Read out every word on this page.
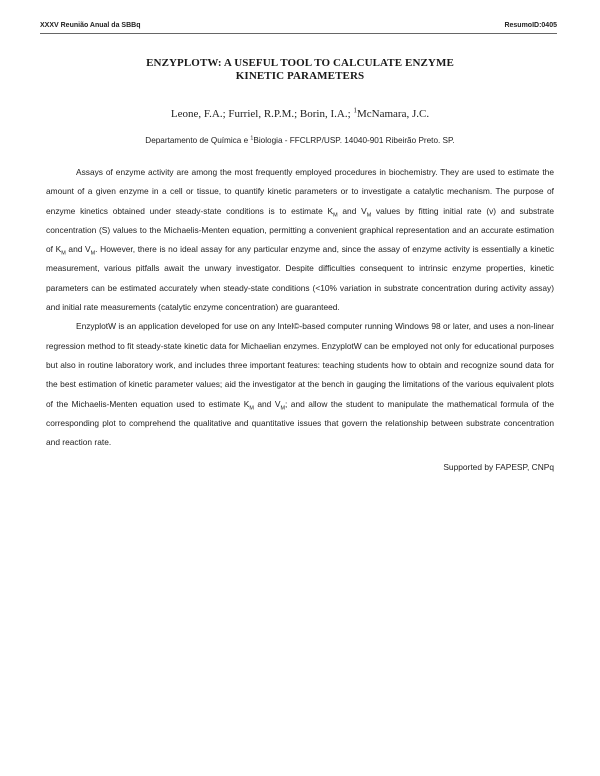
XXXV Reunião Anual da SBBq	ResumoID:0405
ENZYPLOTW: A USEFUL TOOL TO CALCULATE ENZYME
KINETIC PARAMETERS
Leone, F.A.; Furriel, R.P.M.; Borin, I.A.; $^1$McNamara, J.C.
Departamento de Química e $^1$Biologia - FFCLRP/USP. 14040-901 Ribeirão Preto. SP.

Assays of enzyme activity are among the most frequently employed procedures in biochemistry. They are used to estimate the amount of a given enzyme in a cell or tissue, to quantify kinetic parameters or to investigate a catalytic mechanism. The purpose of enzyme kinetics obtained under steady-state conditions is to estimate $K_M$ and $V_M$ values by fitting initial rate (v) and substrate concentration (S) values to the Michaelis-Menten equation, permitting a convenient graphical representation and an accurate estimation of $K_M$ and $V_M$. However, there is no ideal assay for any particular enzyme and, since the assay of enzyme activity is essentially a kinetic measurement, various pitfalls await the unwary investigator. Despite difficulties consequent to intrinsic enzyme properties, kinetic parameters can be estimated accurately when steady-state conditions (<10% variation in substrate concentration during activity assay) and initial rate measurements (catalytic enzyme concentration) are guaranteed.

EnzyplotW is an application developed for use on any Intel©-based computer running Windows 98 or later, and uses a non-linear regression method to fit steady-state kinetic data for Michaelian enzymes. EnzyplotW can be employed not only for educational purposes but also in routine laboratory work, and includes three important features: teaching students how to obtain and recognize sound data for the best estimation of kinetic parameter values; aid the investigator at the bench in gauging the limitations of the various equivalent plots of the Michaelis-Menten equation used to estimate $K_M$ and $V_M$; and allow the student to manipulate the mathematical formula of the corresponding plot to comprehend the qualitative and quantitative issues that govern the relationship between substrate concentration and reaction rate.

Supported by FAPESP, CNPq
